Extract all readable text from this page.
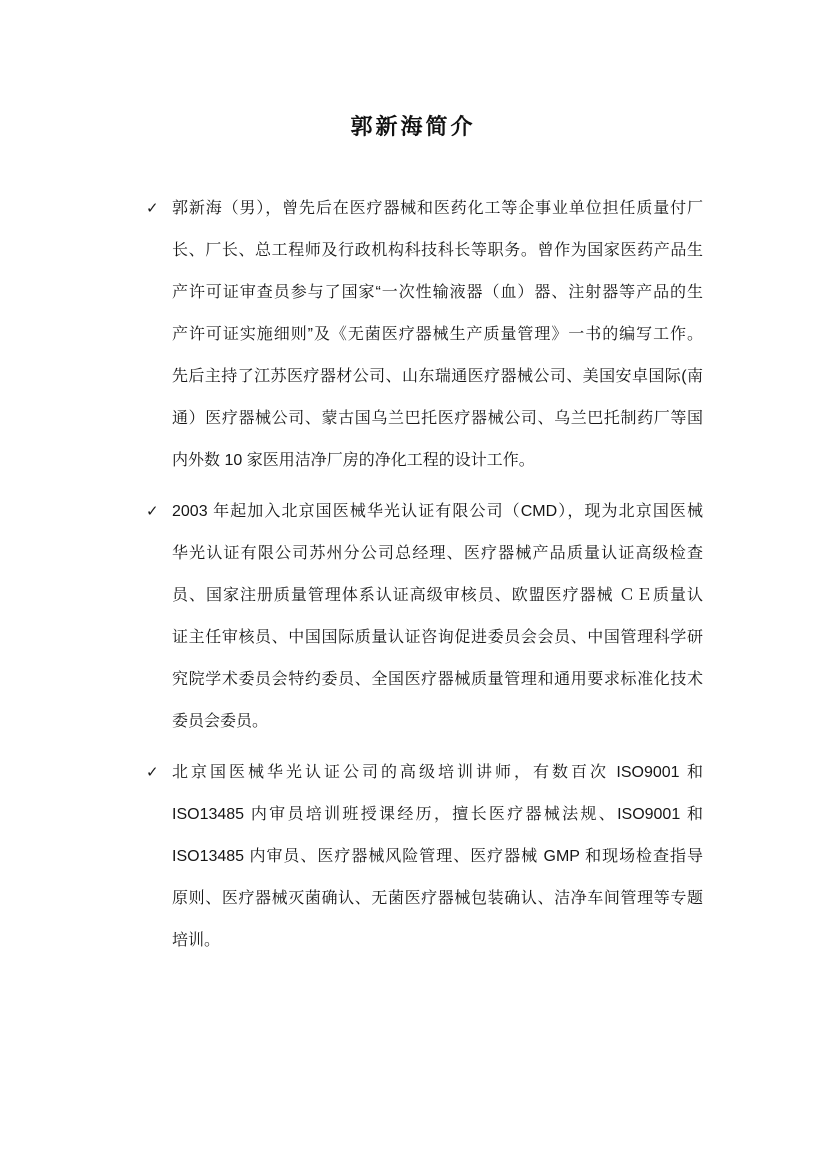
郭新海简介
✓ 郭新海（男），曾先后在医疗器械和医药化工等企事业单位担任质量付厂
长、厂长、总工程师及行政机构科技科长等职务。曾作为国家医药产品生
产许可证审查员参与了国家“一次性输液器（血）器、注射器等产品的生
产许可证实施细则”及《无菌医疗器械生产质量管理》一书的编写工作。
先后主持了江苏医疗器材公司、山东瑞通医疗器械公司、美国安卓国际(南
通）医疗器械公司、蒙古国乌兰巴托医疗器械公司、乌兰巴托制药厂等国
内外数 10 家医用洁净厂房的净化工程的设计工作。
✓ 2003 年起加入北京国医械华光认证有限公司（CMD），现为北京国医械
华光认证有限公司苏州分公司总经理、医疗器械产品质量认证高级检查
员、国家注册质量管理体系认证高级审核员、欧盟医疗器械 ＣＥ质量认
证主任审核员、中国国际质量认证咨询促进委员会会员、中国管理科学研
究院学术委员会特约委员、全国医疗器械质量管理和通用要求标准化技术
委员会委员。
✓ 北京国医械华光认证公司的高级培训讲师，有数百次 ISO9001 和
ISO13485 内审员培训班授课经历，擅长医疗器械法规、ISO9001 和
ISO13485 内审员、医疗器械风险管理、医疗器械 GMP 和现场检查指导
原则、医疗器械灭菌确认、无菌医疗器械包装确认、洁净车间管理等专题
培训。
